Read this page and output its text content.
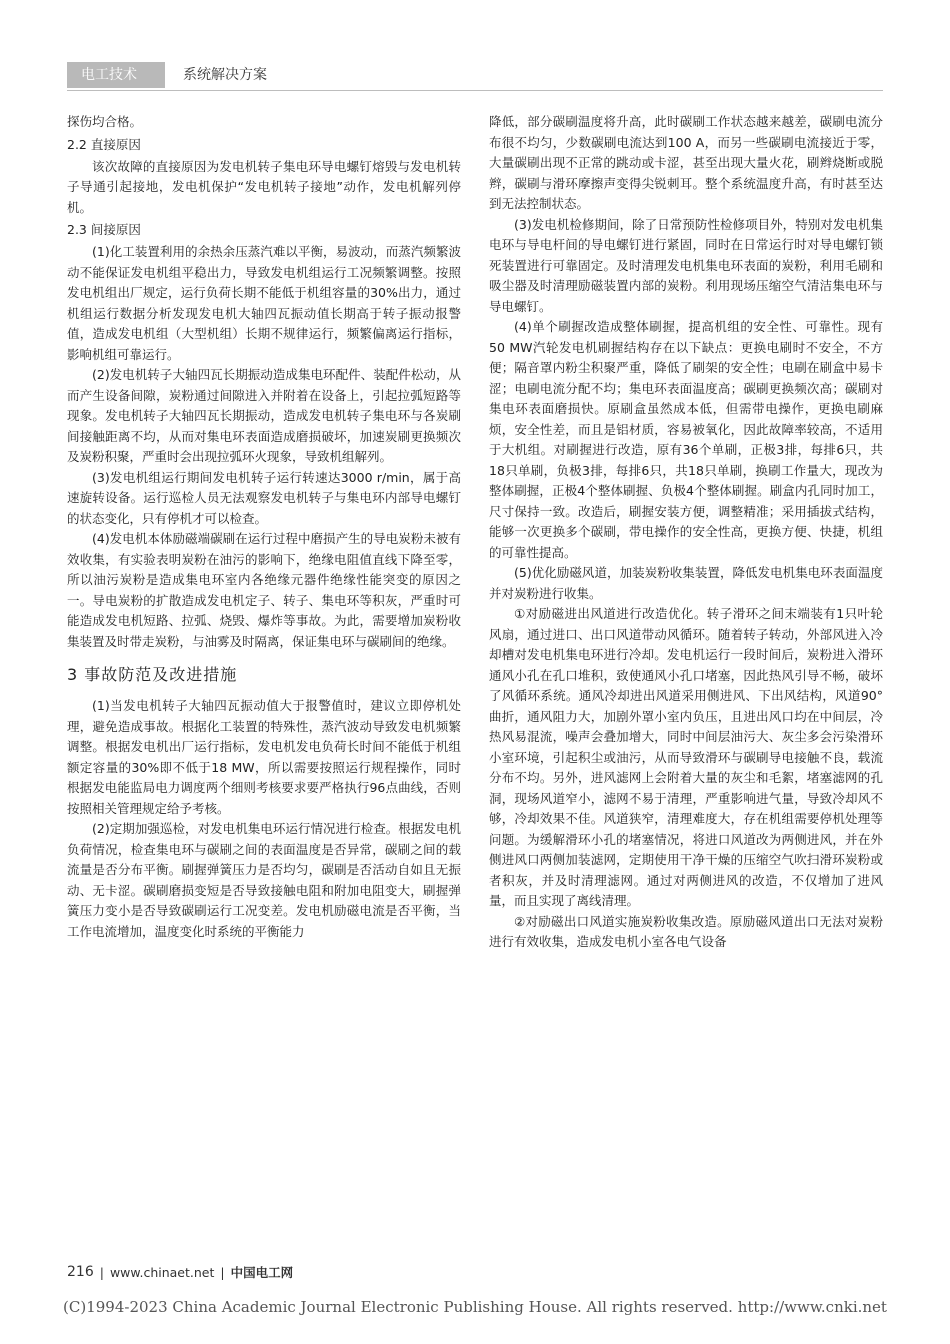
电工技术	系统解决方案

探伤均合格。

2.2 直接原因

该次故障的直接原因为发电机转子集电环导电螺钉熔毁与发电机转子导通引起接地，发电机保护“发电机转子接地”动作，发电机解列停机。

2.3 间接原因

(1)化工装置利用的余热余压蒸汽难以平衡，易波动，而蒸汽频繁波动不能保证发电机组平稳出力，导致发电机组运行工况频繁调整。按照发电机组出厂规定，运行负荷长期不能低于机组容量的30%出力，通过机组运行数据分析发现发电机大轴四瓦振动值长期高于转子振动报警值，造成发电机组（大型机组）长期不规律运行，频繁偏离运行指标，影响机组可靠运行。

(2)发电机转子大轴四瓦长期振动造成集电环配件、装配件松动，从而产生设备间隙，炭粉通过间隙进入并附着在设备上，引起拉弧短路等现象。发电机转子大轴四瓦长期振动，造成发电机转子集电环与各炭刷间接触距离不均，从而对集电环表面造成磨损破坏，加速炭刷更换频次及炭粉积聚，严重时会出现拉弧环火现象，导致机组解列。

(3)发电机组运行期间发电机转子运行转速达3000 r/min，属于高速旋转设备。运行巡检人员无法观察发电机转子与集电环内部导电螺钉的状态变化，只有停机才可以检查。

(4)发电机本体励磁端碳刷在运行过程中磨损产生的导电炭粉未被有效收集，有实验表明炭粉在油污的影响下，绝缘电阻值直线下降至零，所以油污炭粉是造成集电环室内各绝缘元器件绝缘性能突变的原因之一。导电炭粉的扩散造成发电机定子、转子、集电环等积灰，严重时可能造成发电机短路、拉弧、烧毁、爆炸等事故。为此，需要增加炭粉收集装置及时带走炭粉，与油雾及时隔离，保证集电环与碳刷间的绝缘。

3 事故防范及改进措施

(1)当发电机转子大轴四瓦振动值大于报警值时，建议立即停机处理，避免造成事故。根据化工装置的特殊性，蒸汽波动导致发电机频繁调整。根据发电机出厂运行指标，发电机发电负荷长时间不能低于机组额定容量的30%即不低于18 MW，所以需要按照运行规程操作，同时根据发电能监局电力调度两个细则考核要求要严格执行96点曲线，否则按照相关管理规定给予考核。

(2)定期加强巡检，对发电机集电环运行情况进行检查。根据发电机负荷情况，检查集电环与碳刷之间的表面温度是否异常，碳刷之间的载流量是否分布平衡。刷握弹簧压力是否均匀，碳刷是否活动自如且无振动、无卡涩。碳刷磨损变短是否导致接触电阻和附加电阻变大，刷握弹簧压力变小是否导致碳刷运行工况变差。发电机励磁电流是否平衡，当工作电流增加，温度变化时系统的平衡能力

降低，部分碳刷温度将升高，此时碳刷工作状态越来越差，碳刷电流分布很不均匀，少数碳刷电流达到100 A，而另一些碳刷电流接近于零，大量碳刷出现不正常的跳动或卡涩，甚至出现大量火花，刷辫烧断或脱辫，碳刷与滑环摩擦声变得尖锐刺耳。整个系统温度升高，有时甚至达到无法控制状态。

(3)发电机检修期间，除了日常预防性检修项目外，特别对发电机集电环与导电杆间的导电螺钉进行紧固，同时在日常运行时对导电螺钉锁死装置进行可靠固定。及时清理发电机集电环表面的炭粉，利用毛刷和吸尘器及时清理励磁装置内部的炭粉。利用现场压缩空气清洁集电环与导电螺钉。

(4)单个刷握改造成整体刷握，提高机组的安全性、可靠性。现有50 MW汽轮发电机刷握结构存在以下缺点：更换电刷时不安全，不方便；隔音罩内粉尘积聚严重，降低了刷架的安全性；电刷在刷盒中易卡涩；电刷电流分配不均；集电环表面温度高；碳刷更换频次高；碳刷对集电环表面磨损快。原刷盒虽然成本低，但需带电操作，更换电刷麻烦，安全性差，而且是铝材质，容易被氧化，因此故障率较高，不适用于大机组。对刷握进行改造，原有36个单刷，正极3排，每排6只，共18只单刷，负极3排，每排6只，共18只单刷，换刷工作量大，现改为整体刷握，正极4个整体刷握、负极4个整体刷握。刷盒内孔同时加工，尺寸保持一致。改造后，刷握安装方便，调整精准；采用插拔式结构，能够一次更换多个碳刷，带电操作的安全性高，更换方便、快捷，机组的可靠性提高。

(5)优化励磁风道，加装炭粉收集装置，降低发电机集电环表面温度并对炭粉进行收集。

①对励磁进出风道进行改造优化。转子滑环之间末端装有1只叶轮风扇，通过进口、出口风道带动风循环。随着转子转动，外部风进入冷却槽对发电机集电环进行冷却。发电机运行一段时间后，炭粉进入滑环通风小孔在孔口堆积，致使通风小孔口堵塞，因此热风引导不畅，破坏了风循环系统。通风冷却进出风道采用侧进风、下出风结构，风道90°曲折，通风阻力大，加剧外罩小室内负压，且进出风口均在中间层，冷热风易混流，噪声会叠加增大，同时中间层油污大、灰尘多会污染滑环小室环境，引起积尘或油污，从而导致滑环与碳刷导电接触不良，载流分布不均。另外，进风滤网上会附着大量的灰尘和毛絮，堵塞滤网的孔洞，现场风道窄小，滤网不易于清理，严重影响进气量，导致冷却风不够，冷却效果不佳。风道狭窄，清理难度大，存在机组需要停机处理等问题。为缓解滑环小孔的堵塞情况，将进口风道改为两侧进风，并在外侧进风口两侧加装滤网，定期使用干净干燥的压缩空气吹扫滑环炭粉或者积灰，并及时清理滤网。通过对两侧进风的改造，不仅增加了进风量，而且实现了离线清理。

②对励磁出口风道实施炭粉收集改造。原励磁风道出口无法对炭粉进行有效收集，造成发电机小室各电气设备

216 | www.chinaet.net | 中国电工网
(C)1994-2023 China Academic Journal Electronic Publishing House. All rights reserved. http://www.cnki.net
